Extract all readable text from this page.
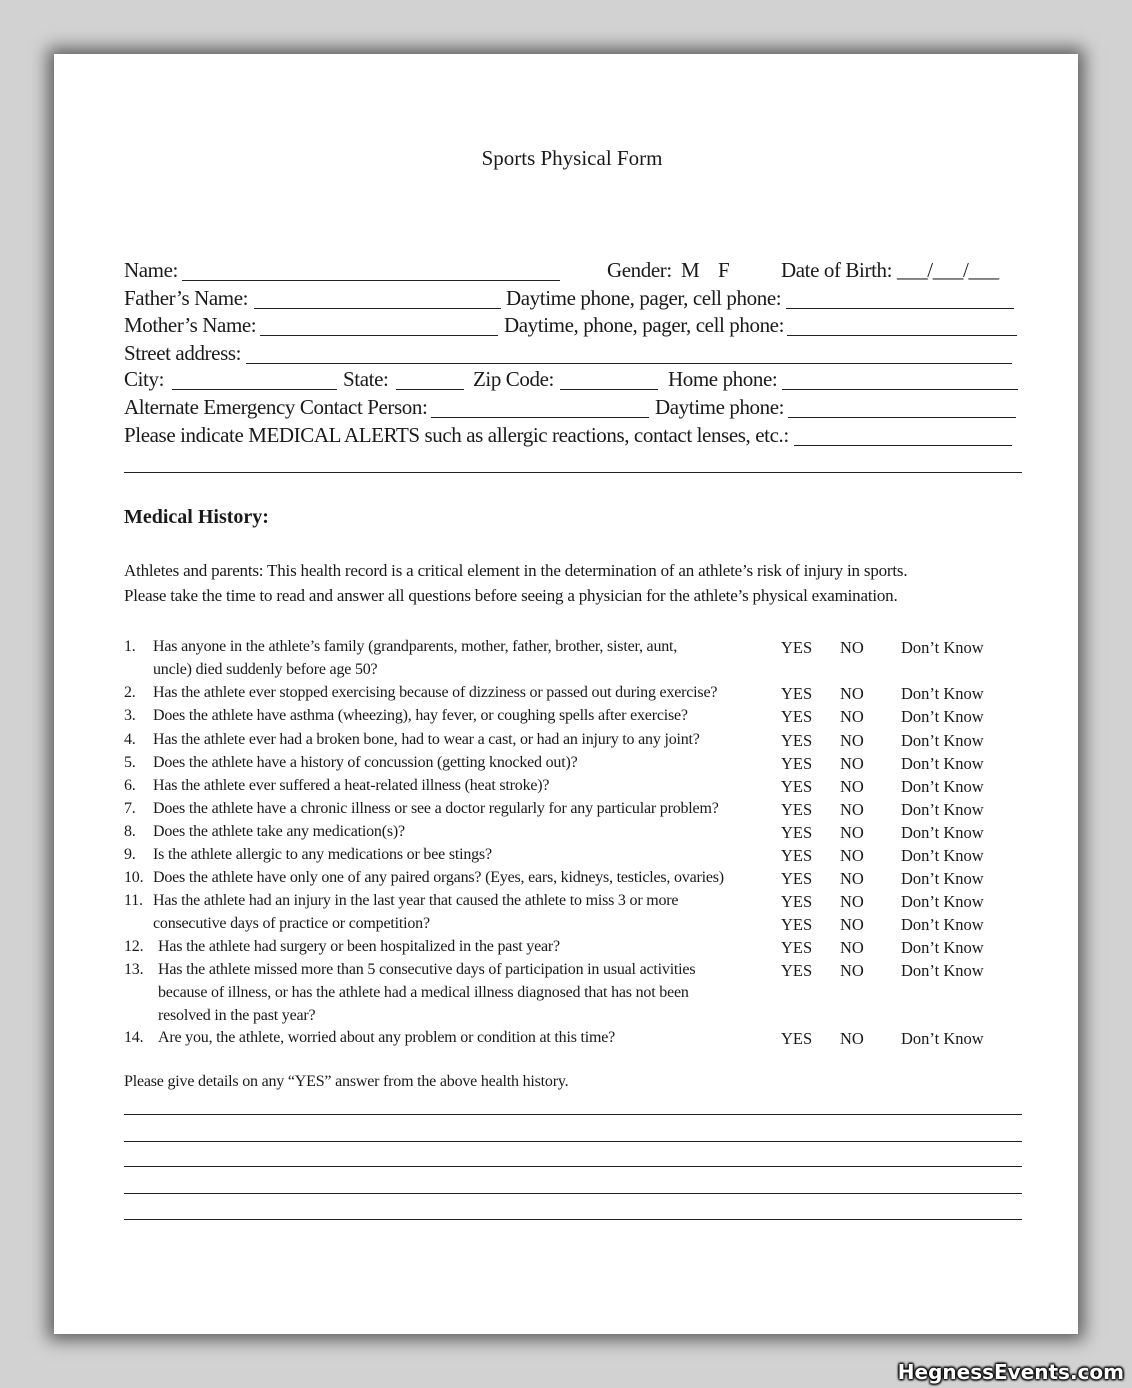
Sports Physical Form
Name:	Gender: M F Date of Birth: ___/___/___
Father’s Name:	Daytime phone, pager, cell phone:
Mother’s Name:	Daytime, phone, pager, cell phone:
Street address:
City:	State:	Zip Code:	Home phone:
Alternate Emergency Contact Person:	Daytime phone:
Please indicate MEDICAL ALERTS such as allergic reactions, contact lenses, etc.:
Medical History:
Athletes and parents: This health record is a critical element in the determination of an athlete’s risk of injury in sports.
Please take the time to read and answer all questions before seeing a physician for the athlete’s physical examination.
1. Has anyone in the athlete’s family (grandparents, mother, father, brother, sister, aunt,
uncle) died suddenly before age 50?
YES NO Don’t Know
2. Has the athlete ever stopped exercising because of dizziness or passed out during exercise?	YES NO Don’t Know
3. Does the athlete have asthma (wheezing), hay fever, or coughing spells after exercise?	YES NO Don’t Know
4. Has the athlete ever had a broken bone, had to wear a cast, or had an injury to any joint?	YES NO Don’t Know
5. Does the athlete have a history of concussion (getting knocked out)?	YES NO Don’t Know
6. Has the athlete ever suffered a heat-related illness (heat stroke)?	YES NO Don’t Know
7. Does the athlete have a chronic illness or see a doctor regularly for any particular problem?	YES NO Don’t Know
8. Does the athlete take any medication(s)?	YES NO Don’t Know
9. Is the athlete allergic to any medications or bee stings?	YES NO Don’t Know
10. Does the athlete have only one of any paired organs? (Eyes, ears, kidneys, testicles, ovaries)	YES NO Don’t Know
11. Has the athlete had an injury in the last year that caused the athlete to miss 3 or more
consecutive days of practice or competition?
YES NO Don’t Know
YES NO Don’t Know
12. Has the athlete had surgery or been hospitalized in the past year?	YES NO Don’t Know
13. Has the athlete missed more than 5 consecutive days of participation in usual activities
because of illness, or has the athlete had a medical illness diagnosed that has not been
resolved in the past year?
YES NO Don’t Know
14. Are you, the athlete, worried about any problem or condition at this time?	YES NO Don’t Know
Please give details on any “YES” answer from the above health history.
HegnessEvents.com
